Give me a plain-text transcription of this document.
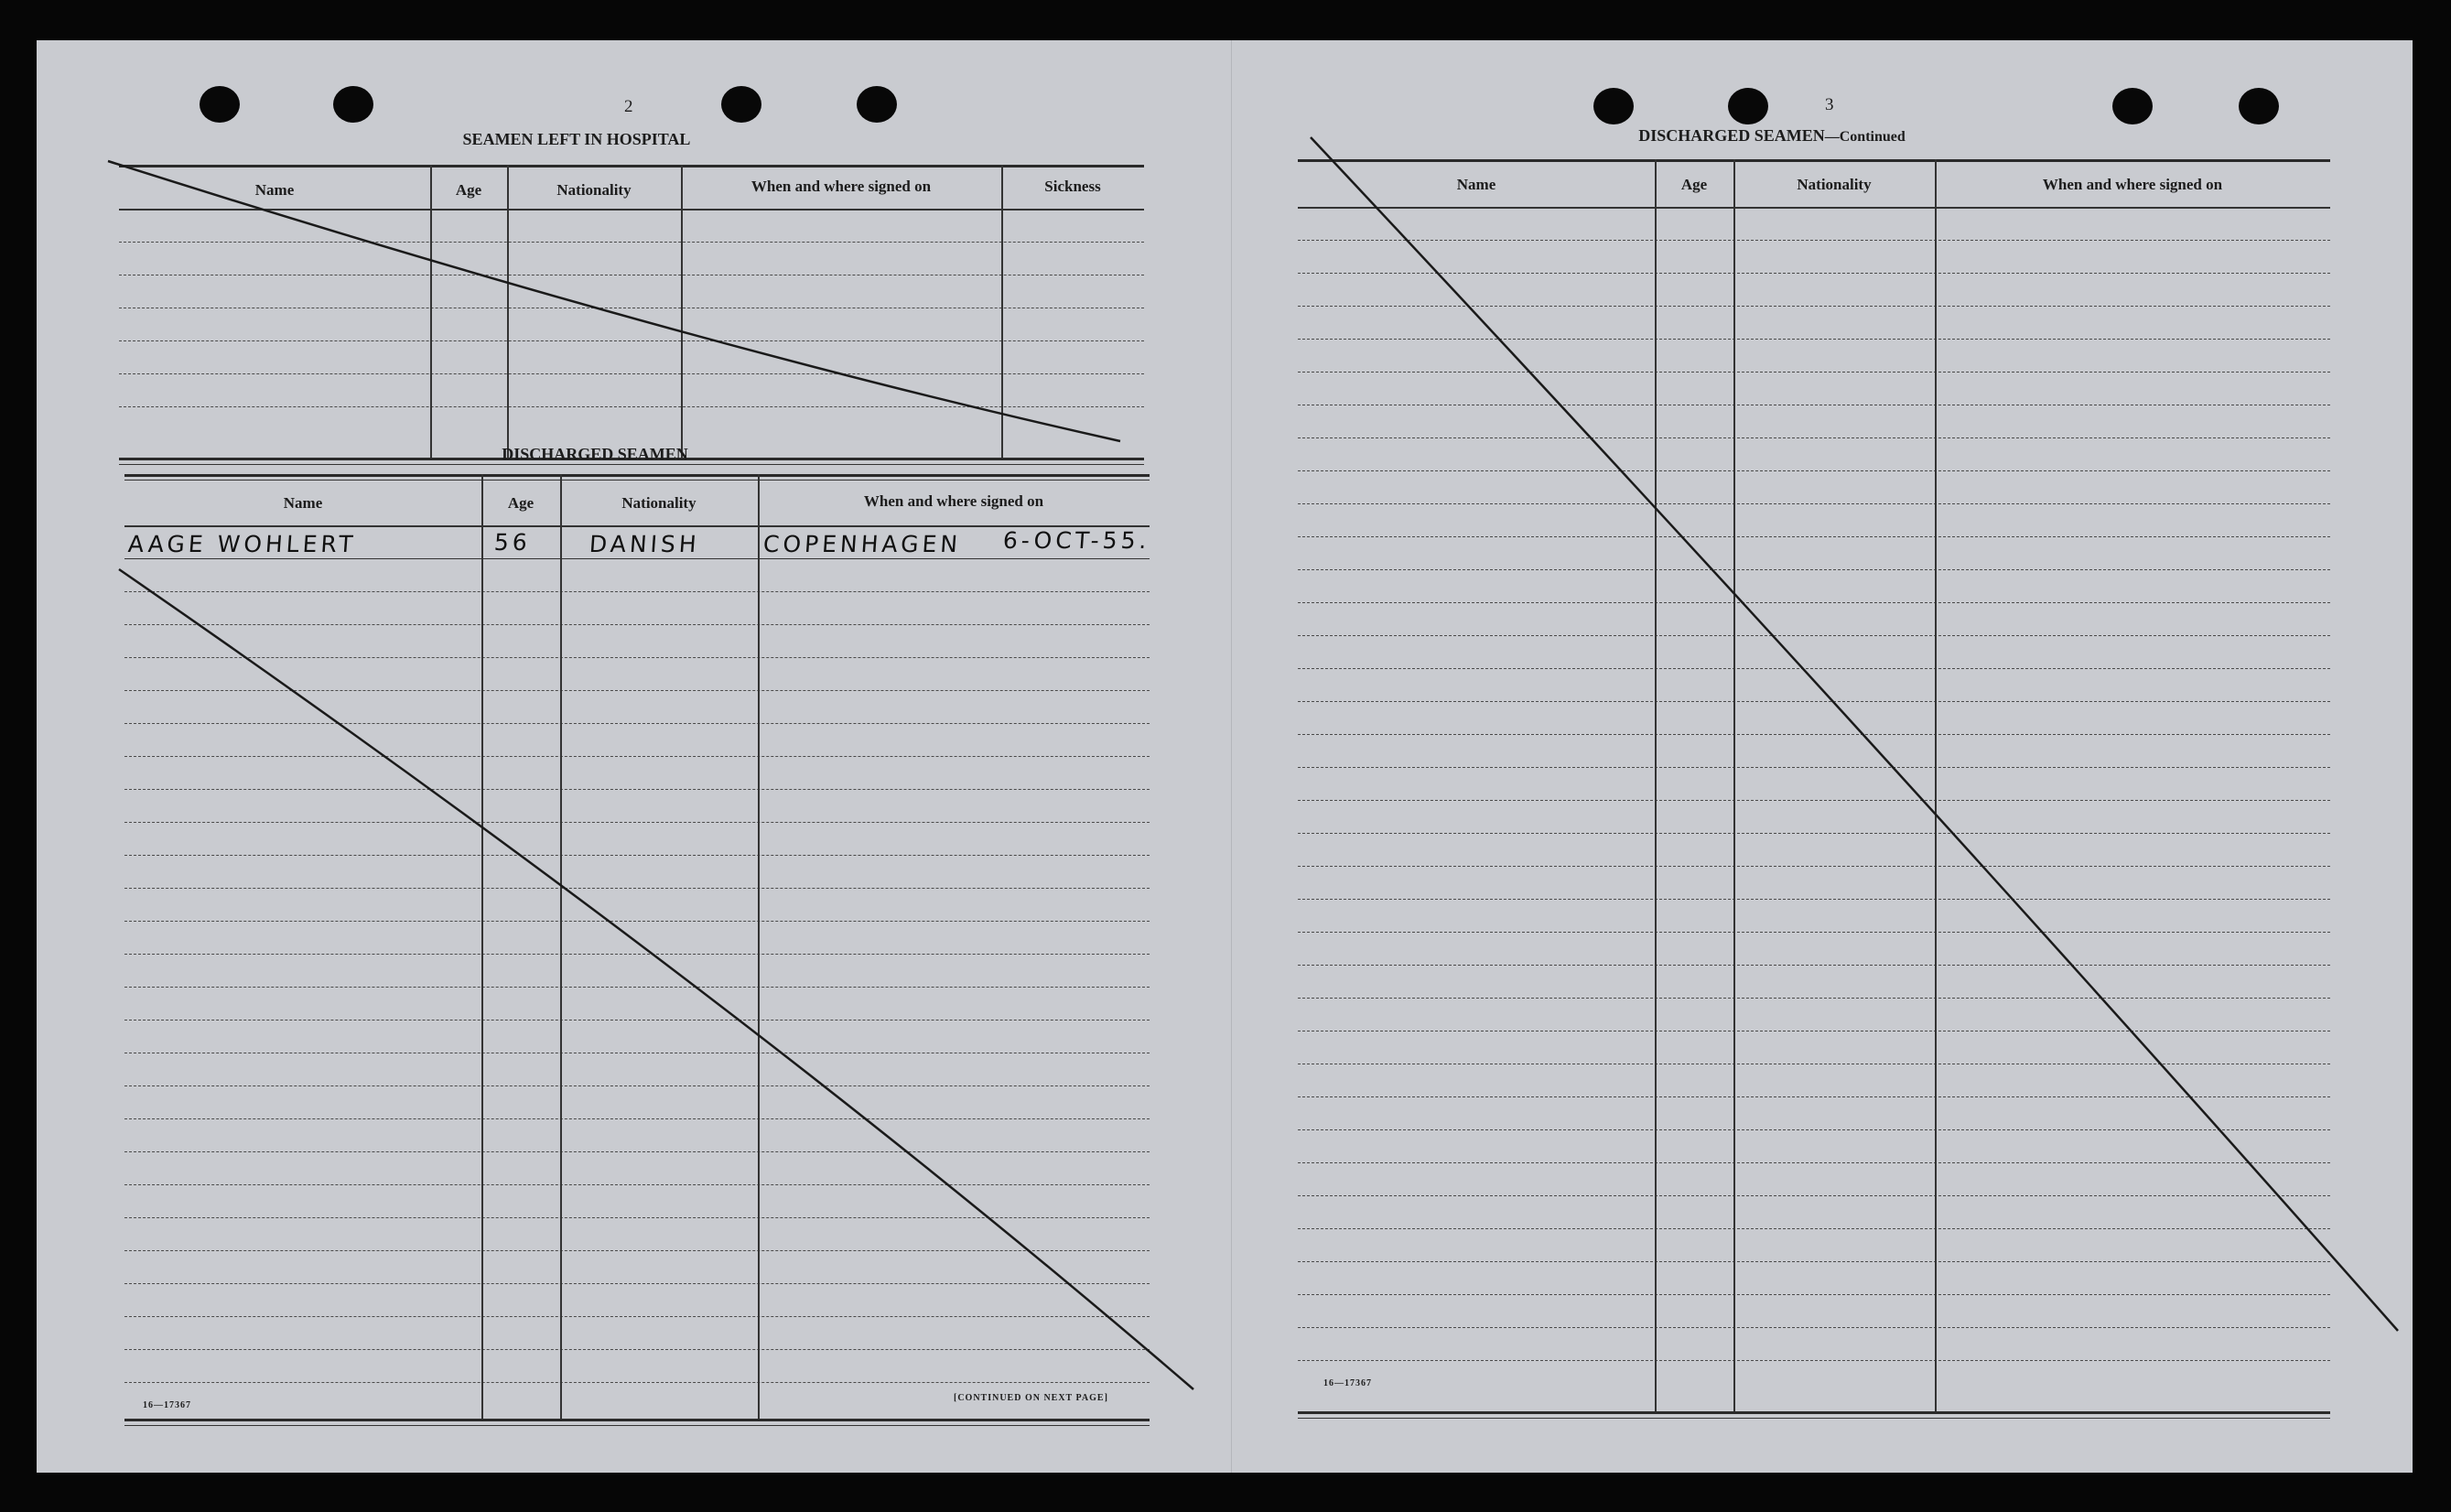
2
SEAMEN LEFT IN HOSPITAL
Name	Age	Nationality	When and where signed on	Sickness
DISCHARGED SEAMEN
Name	Age	Nationality	When and where signed on
AAGE WOHLERT	56 DANISH	COPENHAGEN 6-OCT-55.
16—17367
[CONTINUED ON NEXT PAGE]
3
DISCHARGED SEAMEN—Continued
Name	Age	Nationality	When and where signed on
16—17367
